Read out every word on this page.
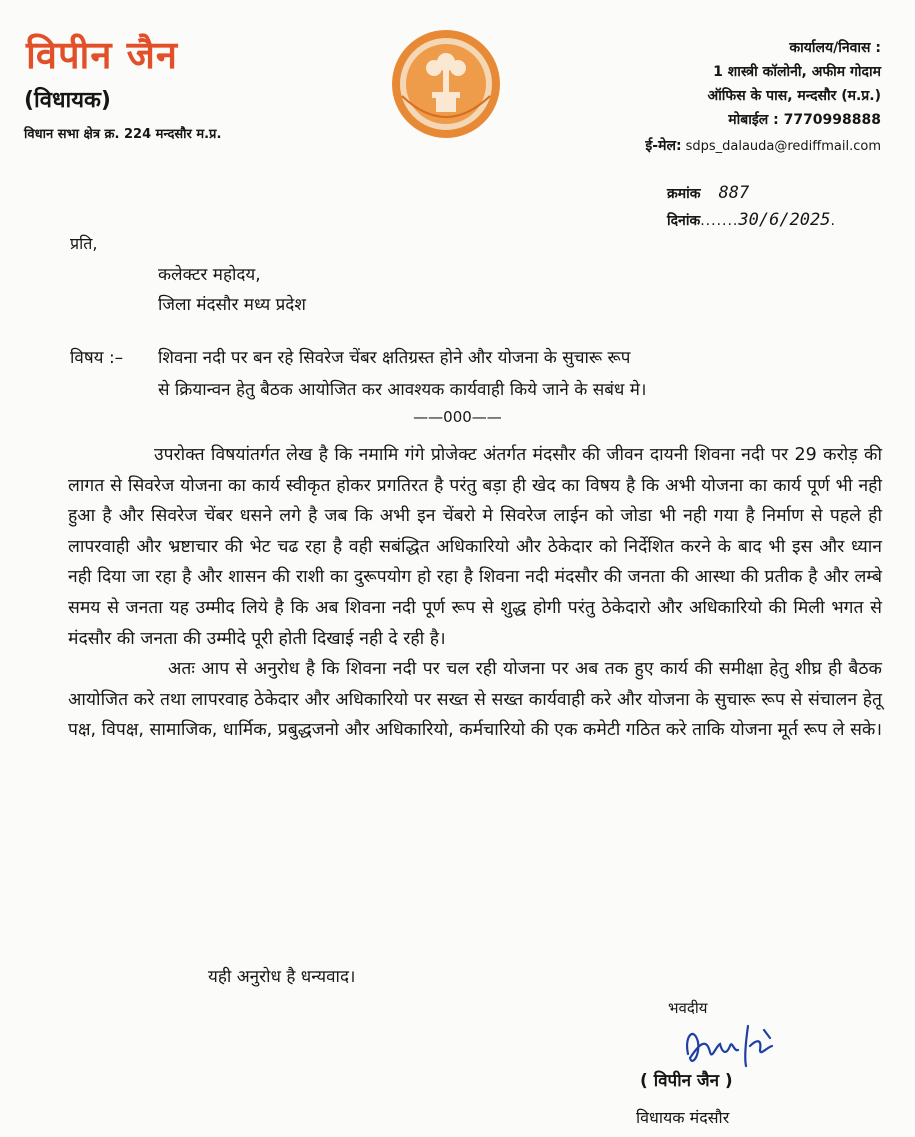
विपीन जैन
(विधायक)
विधान सभा क्षेत्र क्र. 224 मन्दसौर म.प्र.
कार्यालय/निवास :
1 शास्त्री कॉलोनी, अफीम गोदाम
ऑफिस के पास, मन्दसौर (म.प्र.)
मोबाईल : 7770998888
ई-मेल: sdps_dalauda@rediffmail.com
क्रमांक 887
दिनांक.......30/6/2025.
प्रति,
कलेक्टर महोदय,
जिला मंदसौर मध्य प्रदेश
विषय :– शिवना नदी पर बन रहे सिवरेज चेंबर क्षतिग्रस्त होने और योजना के सुचारू रूप
से क्रियान्वन हेतु बैठक आयोजित कर आवश्यक कार्यवाही किये जाने के सबंध मे।
——000——

उपरोक्त विषयांतर्गत लेख है कि नमामि गंगे प्रोजेक्ट अंतर्गत मंदसौर की जीवन दायनी शिवना नदी पर 29 करोड़ की लागत से सिवरेज योजना का कार्य स्वीकृत होकर प्रगतिरत है परंतु बड़ा ही खेद का विषय है कि अभी योजना का कार्य पूर्ण भी नही हुआ है और सिवरेज चेंबर धसने लगे है जब कि अभी इन चेंबरो मे सिवरेज लाईन को जोडा भी नही गया है निर्माण से पहले ही लापरवाही और भ्रष्टाचार की भेट चढ रहा है वही सबंद्धित अधिकारियो और ठेकेदार को निर्देशित करने के बाद भी इस और ध्यान नही दिया जा रहा है और शासन की राशी का दुरूपयोग हो रहा है शिवना नदी मंदसौर की जनता की आस्था की प्रतीक है और लम्बे समय से जनता यह उम्मीद लिये है कि अब शिवना नदी पूर्ण रूप से शुद्ध होगी परंतु ठेकेदारो और अधिकारियो की मिली भगत से मंदसौर की जनता की उम्मीदे पूरी होती दिखाई नही दे रही है।

अतः आप से अनुरोध है कि शिवना नदी पर चल रही योजना पर अब तक हुए कार्य की समीक्षा हेतु शीघ्र ही बैठक आयोजित करे तथा लापरवाह ठेकेदार और अधिकारियो पर सख्त से सख्त कार्यवाही करे और योजना के सुचारू रूप से संचालन हेतू पक्ष, विपक्ष, सामाजिक, धार्मिक, प्रबुद्धजनो और अधिकारियो, कर्मचारियो की एक कमेटी गठित करे ताकि योजना मूर्त रूप ले सके।

यही अनुरोध है धन्यवाद।
भवदीय
( विपीन जैन )
विधायक मंदसौर
